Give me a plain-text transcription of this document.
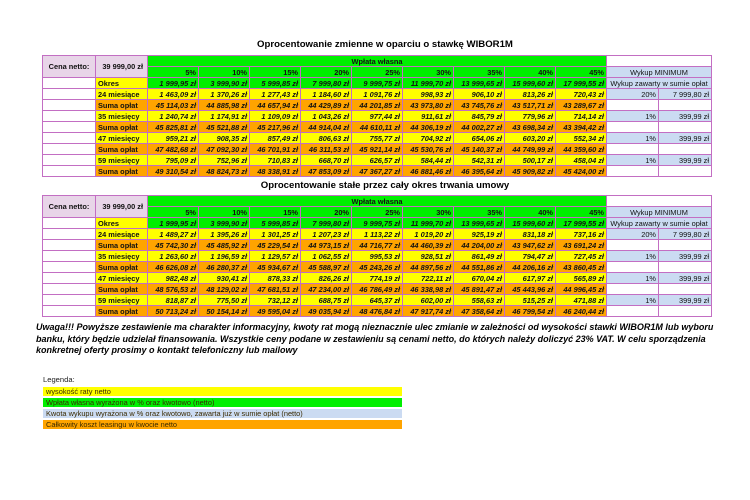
Oprocentowanie zmienne w oparciu o stawkę WIBOR1M
Cena netto:	39 999,00 zł	Wpłata własna										
		5%	10%	15%	20%	25%	30%	35%	40%	45%	Wykup MINIMUM	
	Okres	1 999,95 zł	3 999,90 zł	5 999,85 zł	7 999,80 zł	9 999,75 zł	11 999,70 zł	13 999,65 zł	15 999,60 zł	17 999,55 zł	Wykup zawarty w sumie opłat	
	24 miesiące	1 463,09 zł	1 370,26 zł	1 277,43 zł	1 184,60 zł	1 091,76 zł	998,93 zł	906,10 zł	813,26 zł	720,43 zł	20%	7 999,80 zł
	Suma opłat	45 114,03 zł	44 885,98 zł	44 657,94 zł	44 429,89 zł	44 201,85 zł	43 973,80 zł	43 745,76 zł	43 517,71 zł	43 289,67 zł		
	35 miesięcy	1 240,74 zł	1 174,91 zł	1 109,09 zł	1 043,26 zł	977,44 zł	911,61 zł	845,79 zł	779,96 zł	714,14 zł	1%	399,99 zł
	Suma opłat	45 825,81 zł	45 521,88 zł	45 217,96 zł	44 914,04 zł	44 610,11 zł	44 306,19 zł	44 002,27 zł	43 698,34 zł	43 394,42 zł		
	47 miesięcy	959,21 zł	908,35 zł	857,49 zł	806,63 zł	755,77 zł	704,92 zł	654,06 zł	603,20 zł	552,34 zł	1%	399,99 zł
	Suma opłat	47 482,68 zł	47 092,30 zł	46 701,91 zł	46 311,53 zł	45 921,14 zł	45 530,76 zł	45 140,37 zł	44 749,99 zł	44 359,60 zł		
	59 miesięcy	795,09 zł	752,96 zł	710,83 zł	668,70 zł	626,57 zł	584,44 zł	542,31 zł	500,17 zł	458,04 zł	1%	399,99 zł
	Suma opłat	49 310,54 zł	48 824,73 zł	48 338,91 zł	47 853,09 zł	47 367,27 zł	46 881,46 zł	46 395,64 zł	45 909,82 zł	45 424,00 zł		
Oprocentowanie stałe przez cały okres trwania umowy
Cena netto:	39 999,00 zł	Wpłata własna										
		5%	10%	15%	20%	25%	30%	35%	40%	45%	Wykup MINIMUM	
	Okres	1 999,95 zł	3 999,90 zł	5 999,85 zł	7 999,80 zł	9 999,75 zł	11 999,70 zł	13 999,65 zł	15 999,60 zł	17 999,55 zł	Wykup zawarty w sumie opłat	
	24 miesiące	1 489,27 zł	1 395,26 zł	1 301,25 zł	1 207,23 zł	1 113,22 zł	1 019,20 zł	925,19 zł	831,18 zł	737,16 zł	20%	7 999,80 zł
	Suma opłat	45 742,30 zł	45 485,92 zł	45 229,54 zł	44 973,15 zł	44 716,77 zł	44 460,39 zł	44 204,00 zł	43 947,62 zł	43 691,24 zł		
	35 miesięcy	1 263,60 zł	1 196,59 zł	1 129,57 zł	1 062,55 zł	995,53 zł	928,51 zł	861,49 zł	794,47 zł	727,45 zł	1%	399,99 zł
	Suma opłat	46 626,08 zł	46 280,37 zł	45 934,67 zł	45 588,97 zł	45 243,26 zł	44 897,56 zł	44 551,86 zł	44 206,16 zł	43 860,45 zł		
	47 miesięcy	982,48 zł	930,41 zł	878,33 zł	826,26 zł	774,19 zł	722,11 zł	670,04 zł	617,97 zł	565,89 zł	1%	399,99 zł
	Suma opłat	48 576,53 zł	48 129,02 zł	47 681,51 zł	47 234,00 zł	46 786,49 zł	46 338,98 zł	45 891,47 zł	45 443,96 zł	44 996,45 zł		
	59 miesięcy	818,87 zł	775,50 zł	732,12 zł	688,75 zł	645,37 zł	602,00 zł	558,63 zł	515,25 zł	471,88 zł	1%	399,99 zł
	Suma opłat	50 713,24 zł	50 154,14 zł	49 595,04 zł	49 035,94 zł	48 476,84 zł	47 917,74 zł	47 358,64 zł	46 799,54 zł	46 240,44 zł		
Uwaga!!! Powyższe zestawienie ma charakter informacyjny, kwoty rat mogą nieznacznie ulec zmianie w zależności od wysokości stawki WIBOR1M lub wyboru banku, który będzie udzielał finansowania. Wszystkie ceny podane w zestawieniu są cenami netto, do których należy doliczyć 23% VAT. W celu sporządzenia konkretnej oferty prosimy o kontakt telefoniczny lub mailowy
Legenda:
wysokość raty netto
Wpłata własna wyrażona w % oraz kwotowo (netto)
Kwota wykupu wyrażona w % oraz kwotowo, zawarta już w sumie opłat (netto)
Całkowity koszt leasingu w kwocie netto
